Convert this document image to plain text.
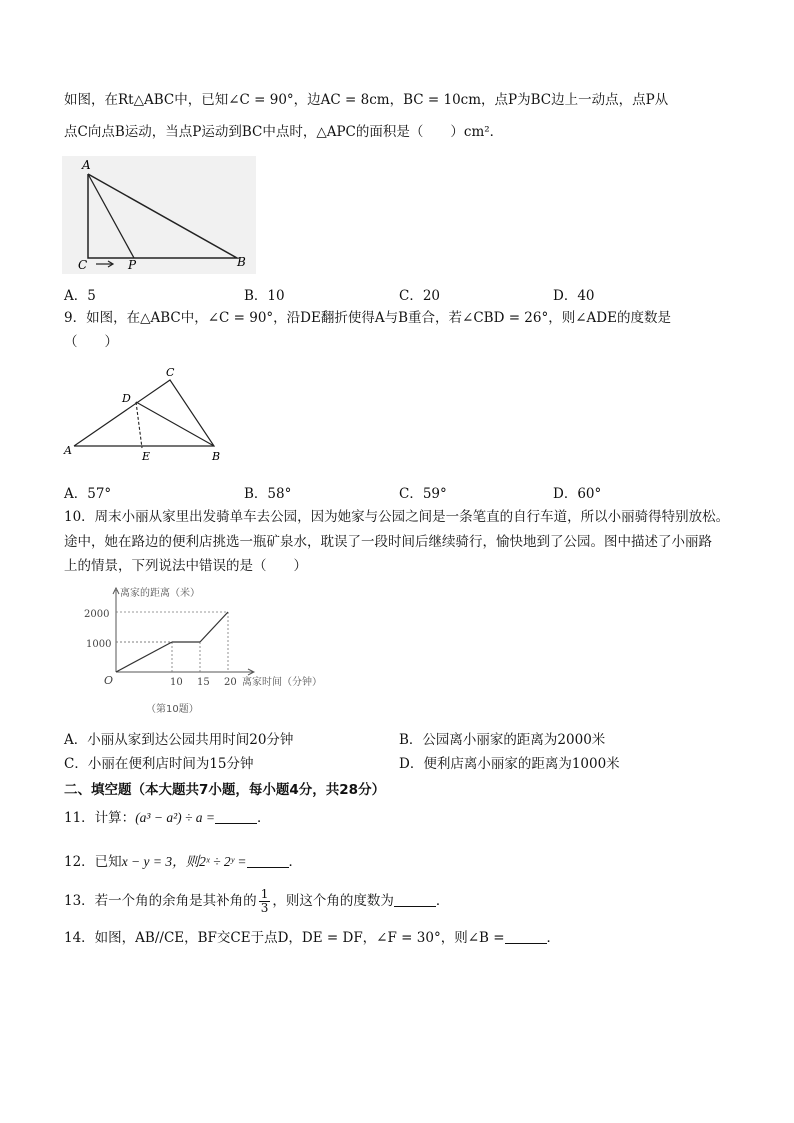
如图，在Rt△ABC中，已知∠C = 90°，边AC = 8cm，BC = 10cm，点P为BC边上一动点，点P从
点C向点B运动，当点P运动到BC中点时，△APC的面积是（　　）cm²．
A
C	P	B
A．5	B．10	C．20	D．40
9．如图，在△ABC中，∠C = 90°，沿DE翻折使得A与B重合，若∠CBD = 26°，则∠ADE的度数是
（　　）
C
D
A	E	B
A．57°	B．58°	C．59°	D．60°
10．周末小丽从家里出发骑单车去公园，因为她家与公园之间是一条笔直的自行车道，所以小丽骑得特别放松。
途中，她在路边的便利店挑选一瓶矿泉水，耽误了一段时间后继续骑行，愉快地到了公园。图中描述了小丽路
上的情景，下列说法中错误的是（　　）
离家的距离（米）
离家时间（分钟）
2000
1000
O	10 15 20
（第10题）
A．小丽从家到达公园共用时间20分钟	B．公园离小丽家的距离为2000米
C．小丽在便利店时间为15分钟	D．便利店离小丽家的距离为1000米
二、填空题（本大题共7小题，每小题4分，共28分）
11．计算：(a³ − a²) ÷ a =	．
12．已知x − y = 3，则2ˣ ÷ 2ʸ =	．
13．若一个角的余角是其补角的 $\frac{1}{3}$ ，则这个角的度数为	．
14．如图，AB//CE，BF交CE于点D，DE = DF，∠F = 30°，则∠B =	．
